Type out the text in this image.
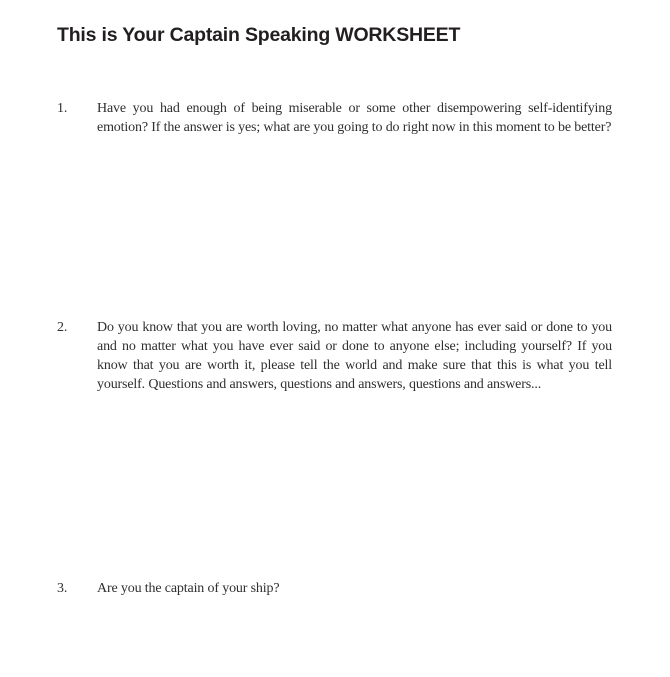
This is Your Captain Speaking WORKSHEET
1.	Have you had enough of being miserable or some other disempowering self-identifying emotion? If the answer is yes; what are you going to do right now in this moment to be better?
2.	Do you know that you are worth loving, no matter what anyone has ever said or done to you and no matter what you have ever said or done to anyone else; including yourself? If you know that you are worth it, please tell the world and make sure that this is what you tell yourself. Questions and answers, questions and answers, questions and answers...
3.	Are you the captain of your ship?
